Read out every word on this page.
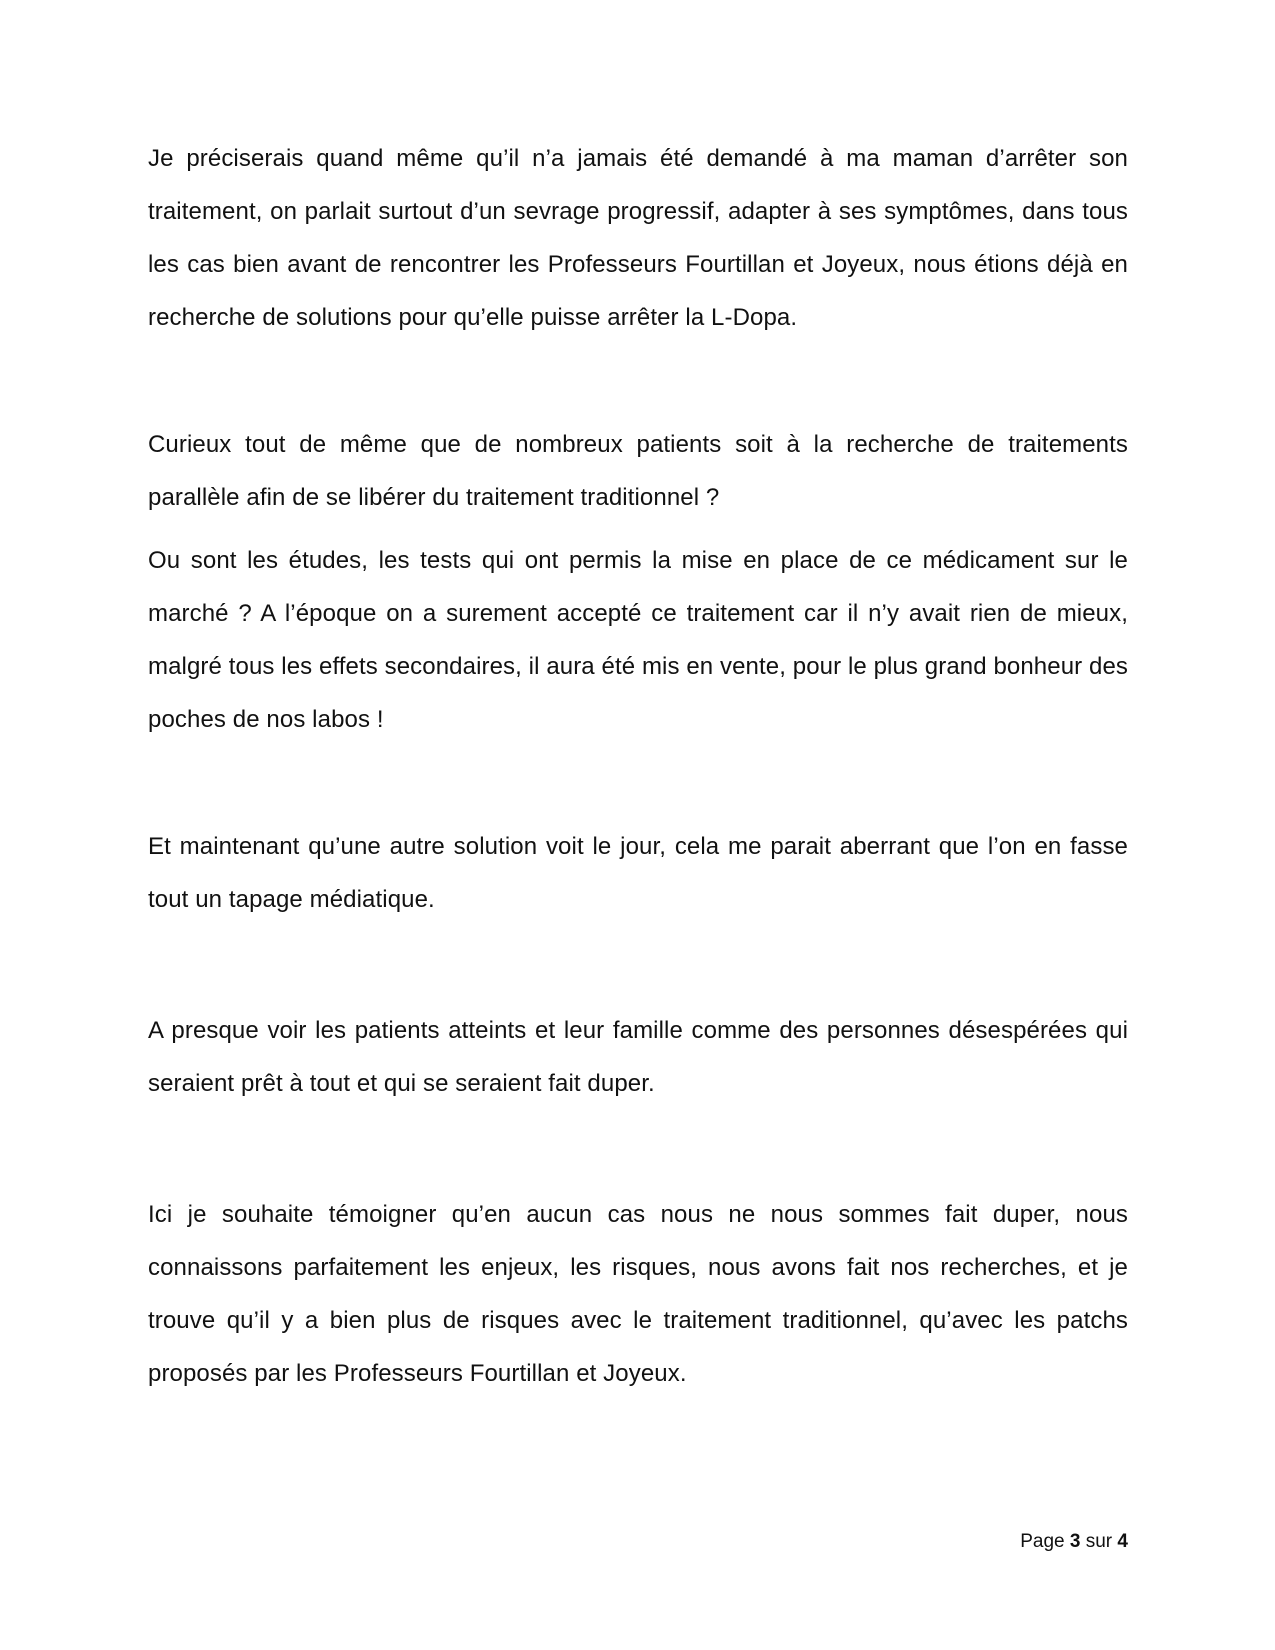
Je préciserais quand même qu’il n’a jamais été demandé à ma maman d’arrêter son traitement, on parlait surtout d’un sevrage progressif, adapter à ses symptômes, dans tous les cas bien avant de rencontrer les Professeurs Fourtillan et Joyeux, nous étions déjà en recherche de solutions pour qu’elle puisse arrêter la L-Dopa.

Curieux tout de même que de nombreux patients soit à la recherche de traitements parallèle afin de se libérer du traitement traditionnel ?

Ou sont les études, les tests qui ont permis la mise en place de ce médicament sur le marché ? A l’époque on a surement accepté ce traitement car il n’y avait rien de mieux, malgré tous les effets secondaires, il aura été mis en vente, pour le plus grand bonheur des poches de nos labos !

Et maintenant qu’une autre solution voit le jour, cela me parait aberrant que l’on en fasse tout un tapage médiatique.

A presque voir les patients atteints et leur famille comme des personnes désespérées qui seraient prêt à tout et qui se seraient fait duper.

Ici je souhaite témoigner qu’en aucun cas nous ne nous sommes fait duper, nous connaissons parfaitement les enjeux, les risques, nous avons fait nos recherches, et je trouve qu’il y a bien plus de risques avec le traitement traditionnel, qu’avec les patchs proposés par les Professeurs Fourtillan et Joyeux.

Page 3 sur 4
